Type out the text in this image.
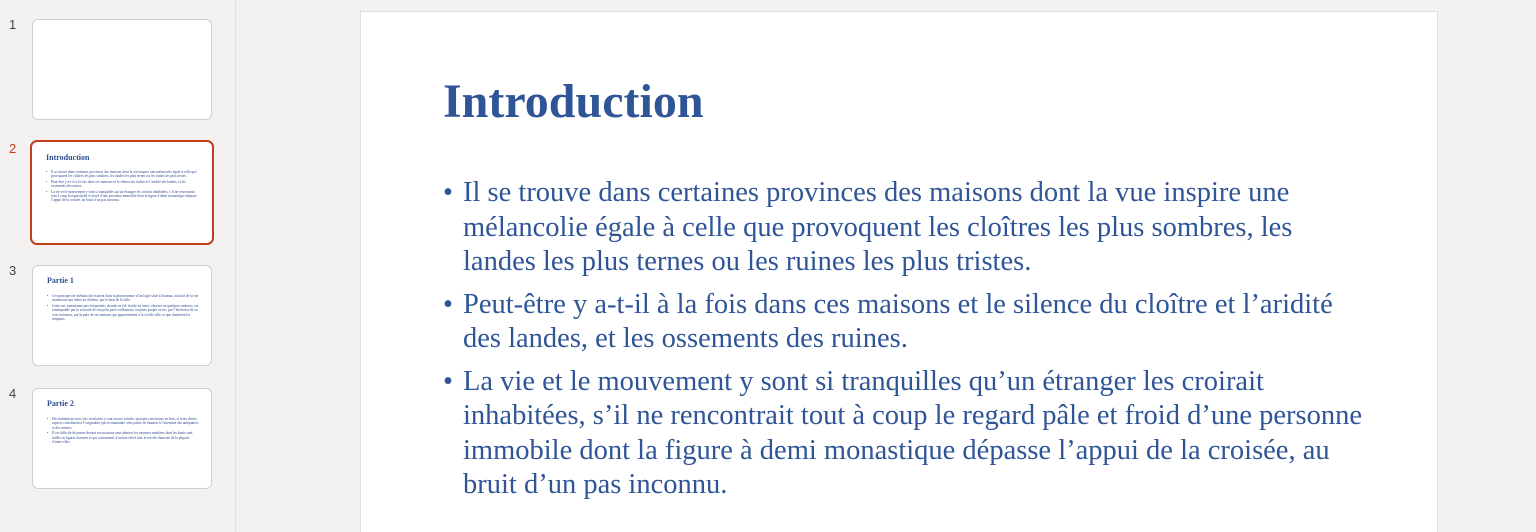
1
2
Introduction
• Il se trouve dans certaines provinces des maisons dont la vue inspire une mélancolie égale à celle que provoquent les cloîtres les plus sombres, les landes les plus ternes ou les ruines les plus tristes.
• Peut-être y a-t-il à la fois dans ces maisons et le silence du cloître et l’aridité des landes, et les ossements des ruines.
• La vie et le mouvement y sont si tranquilles qu’un étranger les croirait inhabitées, s’il ne rencontrait tout à coup le regard pâle et froid d’une personne immobile dont la figure à demi monastique dépasse l’appui de la croisée, au bruit d’un pas inconnu.
3
Partie 1
• Ces principes de mélancolie existent dans la physionomie d’un logis situé à Saumur, au bout de la rue montueuse qui mène au château, par le haut de la ville.
• Cette rue, maintenant peu fréquentée, chaude en été, froide en hiver, obscure en quelques endroits, est remarquable par la sonorité de son petit pavé caillouteux, toujours propre et sec, par l’étroitesse de sa voie tortueuse, par la paix de ses maisons qui appartiennent à la vieille ville, et que dominent les remparts.
4
Partie 2
• Des habitations trois fois séculaires y sont encore solides, quoique construites en bois, et leurs divers aspects contribuent à l’originalité qui recommande cette partie de Saumur à l’attention des antiquaires et des artistes.
• Il est difficile de passer devant ces maisons sans admirer les énormes madriers dont les bouts sont taillés en figures bizarres et qui couronnent d’un bas-relief noir le rez-de-chaussée de la plupart d’entre elles.
Introduction
• Il se trouve dans certaines provinces des maisons dont la vue inspire une mélancolie égale à celle que provoquent les cloîtres les plus sombres, les landes les plus ternes ou les ruines les plus tristes.
• Peut-être y a-t-il à la fois dans ces maisons et le silence du cloître et l’aridité des landes, et les ossements des ruines.
• La vie et le mouvement y sont si tranquilles qu’un étranger les croirait inhabitées, s’il ne rencontrait tout à coup le regard pâle et froid d’une personne immobile dont la figure à demi monastique dépasse l’appui de la croisée, au bruit d’un pas inconnu.
